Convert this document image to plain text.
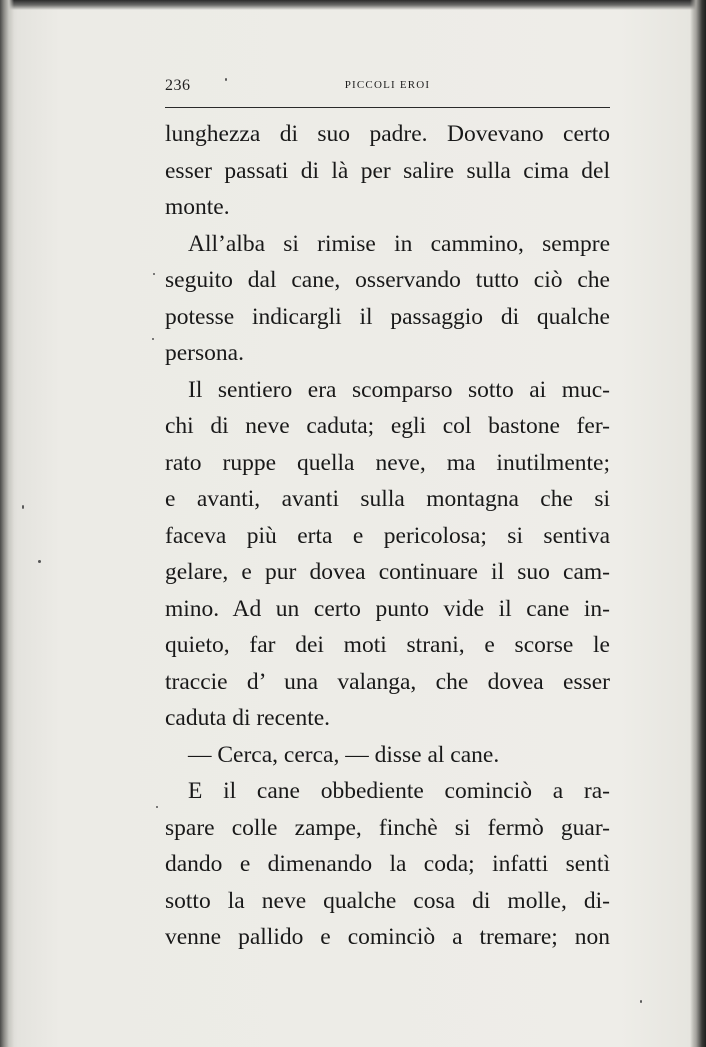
236	PICCOLI EROI
lunghezza di suo padre. Dovevano certo
esser passati di là per salire sulla cima del
monte.
All’alba si rimise in cammino, sempre
seguito dal cane, osservando tutto ciò che
potesse indicargli il passaggio di qualche
persona.
Il sentiero era scomparso sotto ai muc-
chi di neve caduta; egli col bastone fer-
rato ruppe quella neve, ma inutilmente;
e avanti, avanti sulla montagna che si
faceva più erta e pericolosa; si sentiva
gelare, e pur dovea continuare il suo cam-
mino. Ad un certo punto vide il cane in-
quieto, far dei moti strani, e scorse le
traccie d’ una valanga, che dovea esser
caduta di recente.
— Cerca, cerca, — disse al cane.
E il cane obbediente cominciò a ra-
spare colle zampe, finchè si fermò guar-
dando e dimenando la coda; infatti sentì
sotto la neve qualche cosa di molle, di-
venne pallido e cominciò a tremare; non
